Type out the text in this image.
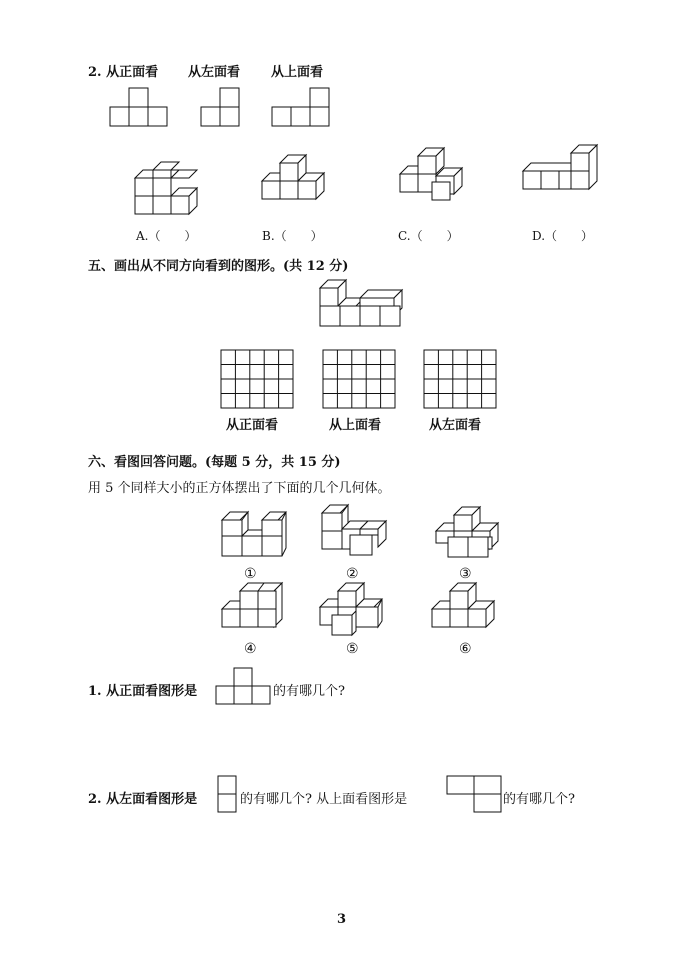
2. 从正面看 从左面看 从上面看
A.（　　）	B.（　　）	C.（　　）	D.（　　）
五、画出从不同方向看到的图形。(共 12 分)
从正面看	从上面看	从左面看
六、看图回答问题。(每题 5 分，共 15 分)
用 5 个同样大小的正方体摆出了下面的几个几何体。
①	②	③
④	⑤	⑥
1. 从正面看图形是	的有哪几个?
2. 从左面看图形是	的有哪几个? 从上面看图形是	的有哪几个?
3
